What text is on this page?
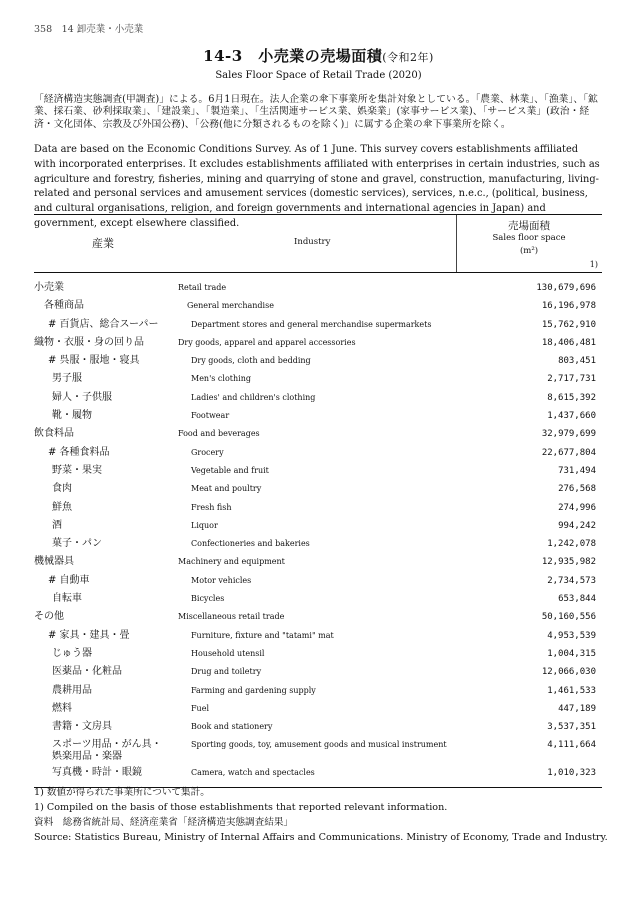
358　14 卸売業・小売業
14-3　小売業の売場面積(令和2年)
Sales Floor Space of Retail Trade (2020)
「経済構造実態調査(甲調査)」による。6月1日現在。法人企業の傘下事業所を集計対象としている。「農業、林業」、「漁業」、「鉱業、採石業、砂利採取業」、「建設業」、「製造業」、「生活関連サービス業、娯楽業」(家事サービス業)、「サービス業」(政治・経済・文化団体、宗教及び外国公務)、「公務(他に分類されるものを除く)」に属する企業の傘下事業所を除く。
Data are based on the Economic Conditions Survey. As of 1 June. This survey covers establishments affiliated with incorporated enterprises. It excludes establishments affiliated with enterprises in certain industries, such as agriculture and forestry, fisheries, mining and quarrying of stone and gravel, construction, manufacturing, living-related and personal services and amusement services (domestic services), services, n.e.c., (political, business, and cultural organisations, religion, and foreign governments and international agencies in Japan) and government, except elsewhere classified.
産業	Industry
売場面積
Sales floor space
(m²)
1)
小売業	Retail trade	130,679,696
各種商品	General merchandise	16,196,978
# 百貨店、総合スーパー	Department stores and general merchandise supermarkets	15,762,910
織物・衣服・身の回り品	Dry goods, apparel and apparel accessories	18,406,481
# 呉服・服地・寝具	Dry goods, cloth and bedding	803,451
男子服	Men's clothing	2,717,731
婦人・子供服	Ladies' and children's clothing	8,615,392
靴・履物	Footwear	1,437,660
飲食料品	Food and beverages	32,979,699
# 各種食料品	Grocery	22,677,804
野菜・果実	Vegetable and fruit	731,494
食肉	Meat and poultry	276,568
鮮魚	Fresh fish	274,996
酒	Liquor	994,242
菓子・パン	Confectioneries and bakeries	1,242,078
機械器具	Machinery and equipment	12,935,982
# 自動車	Motor vehicles	2,734,573
自転車	Bicycles	653,844
その他	Miscellaneous retail trade	50,160,556
# 家具・建具・畳	Furniture, fixture and "tatami" mat	4,953,539
じゅう器	Household utensil	1,004,315
医薬品・化粧品	Drug and toiletry	12,066,030
農耕用品	Farming and gardening supply	1,461,533
燃料	Fuel	447,189
書籍・文房具	Book and stationery	3,537,351
スポーツ用品・がん具・
娯楽用品・楽器
Sporting goods, toy, amusement goods and musical instrument	4,111,664
写真機・時計・眼鏡	Camera, watch and spectacles	1,010,323
1) 数値が得られた事業所について集計。
1) Compiled on the basis of those establishments that reported relevant information.
資料　総務省統計局、経済産業省「経済構造実態調査結果」
Source: Statistics Bureau, Ministry of Internal Affairs and Communications. Ministry of Economy, Trade and Industry.
